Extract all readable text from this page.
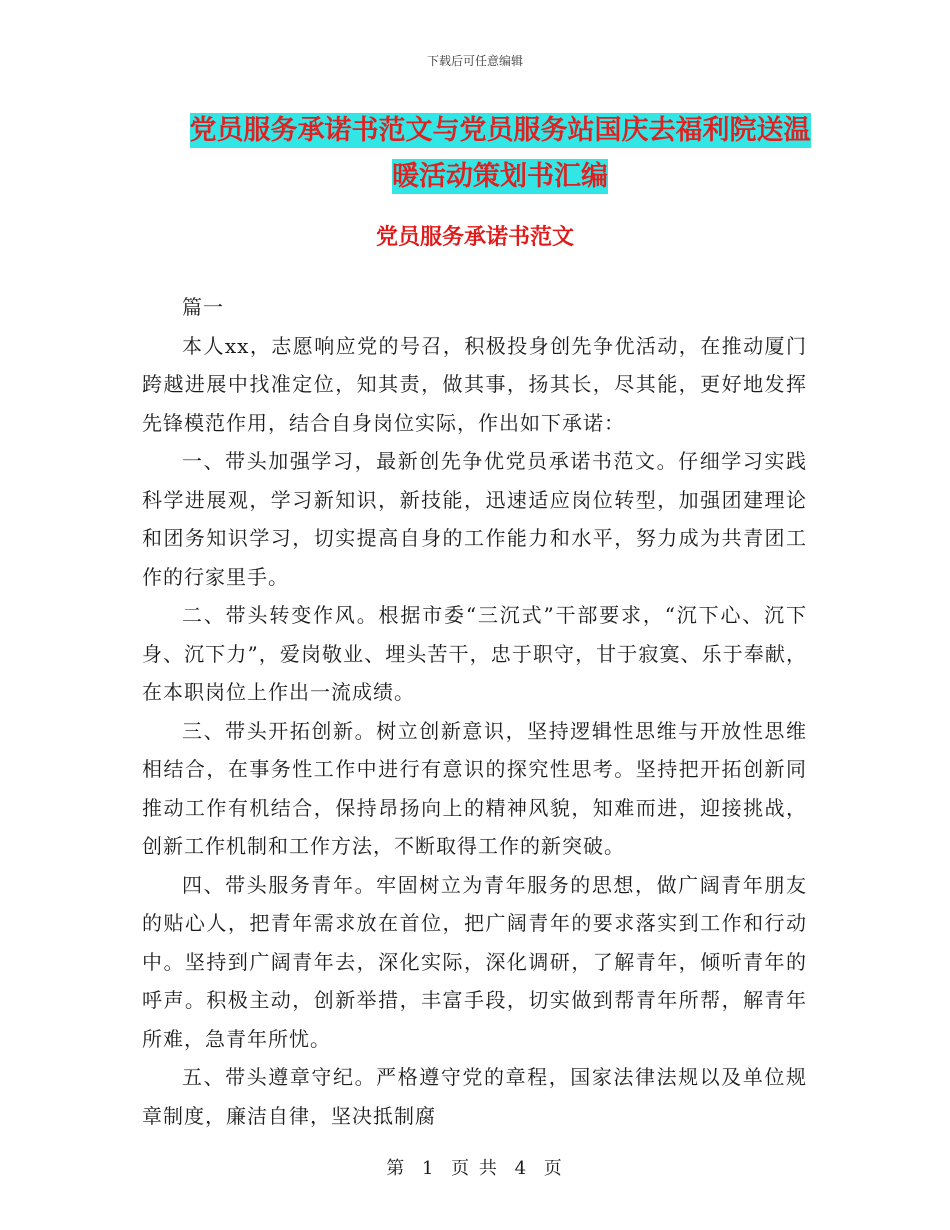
下载后可任意编辑
党员服务承诺书范文与党员服务站国庆去福利院送温
暖活动策划书汇编
党员服务承诺书范文

篇一

本人xx，志愿响应党的号召，积极投身创先争优活动，在推动厦门跨越进展中找准定位，知其责，做其事，扬其长，尽其能，更好地发挥先锋模范作用，结合自身岗位实际，作出如下承诺：

一、带头加强学习，最新创先争优党员承诺书范文。仔细学习实践科学进展观，学习新知识，新技能，迅速适应岗位转型，加强团建理论和团务知识学习，切实提高自身的工作能力和水平，努力成为共青团工作的行家里手。

二、带头转变作风。根据市委“三沉式”干部要求，“沉下心、沉下身、沉下力”，爱岗敬业、埋头苦干，忠于职守，甘于寂寞、乐于奉献，在本职岗位上作出一流成绩。

三、带头开拓创新。树立创新意识，坚持逻辑性思维与开放性思维相结合，在事务性工作中进行有意识的探究性思考。坚持把开拓创新同推动工作有机结合，保持昂扬向上的精神风貌，知难而进，迎接挑战，创新工作机制和工作方法，不断取得工作的新突破。

四、带头服务青年。牢固树立为青年服务的思想，做广阔青年朋友的贴心人，把青年需求放在首位，把广阔青年的要求落实到工作和行动中。坚持到广阔青年去，深化实际，深化调研，了解青年，倾听青年的呼声。积极主动，创新举措，丰富手段，切实做到帮青年所帮，解青年所难，急青年所忧。

五、带头遵章守纪。严格遵守党的章程，国家法律法规以及单位规章制度，廉洁自律，坚决抵制腐

第 1 页 共 4 页
